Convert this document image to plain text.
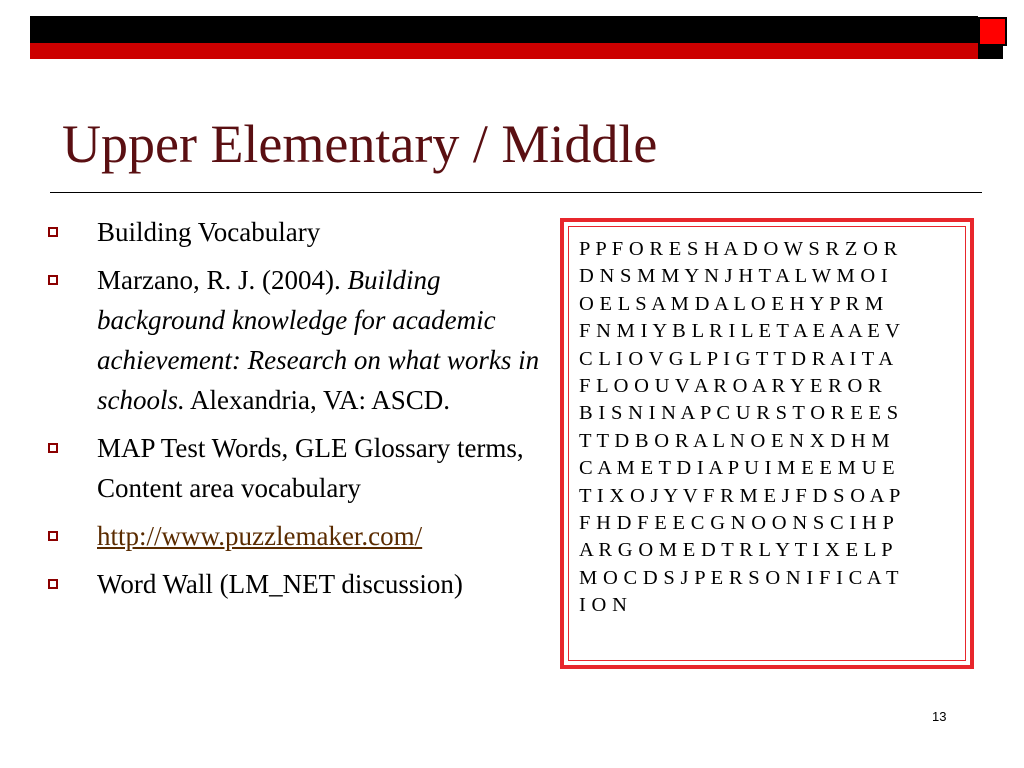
Upper Elementary / Middle
Building Vocabulary
Marzano, R. J. (2004). Building background knowledge for academic achievement: Research on what works in schools. Alexandria, VA: ASCD.
MAP Test Words, GLE Glossary terms, Content area vocabulary
http://www.puzzlemaker.com/
Word Wall (LM_NET discussion)
P P F O R E S H A D O W S R Z O R
D N S M M Y N J H T A L W M O I
O E L S A M D A L O E H Y P R M
F N M I Y B L R I L E T A E A A E V
C L I O V G L P I G T T D R A I T A
F L O O U V A R O A R Y E R O R
B I S N I N A P C U R S T O R E E S
T T D B O R A L N O E N X D H M
C A M E T D I A P U I M E E M U E
T I X O J Y V F R M E J F D S O A P
F H D F E E C G N O O N S C I H P
A R G O M E D T R L Y T I X E L P
M O C D S J P E R S O N I F I C A T
I O N
13
